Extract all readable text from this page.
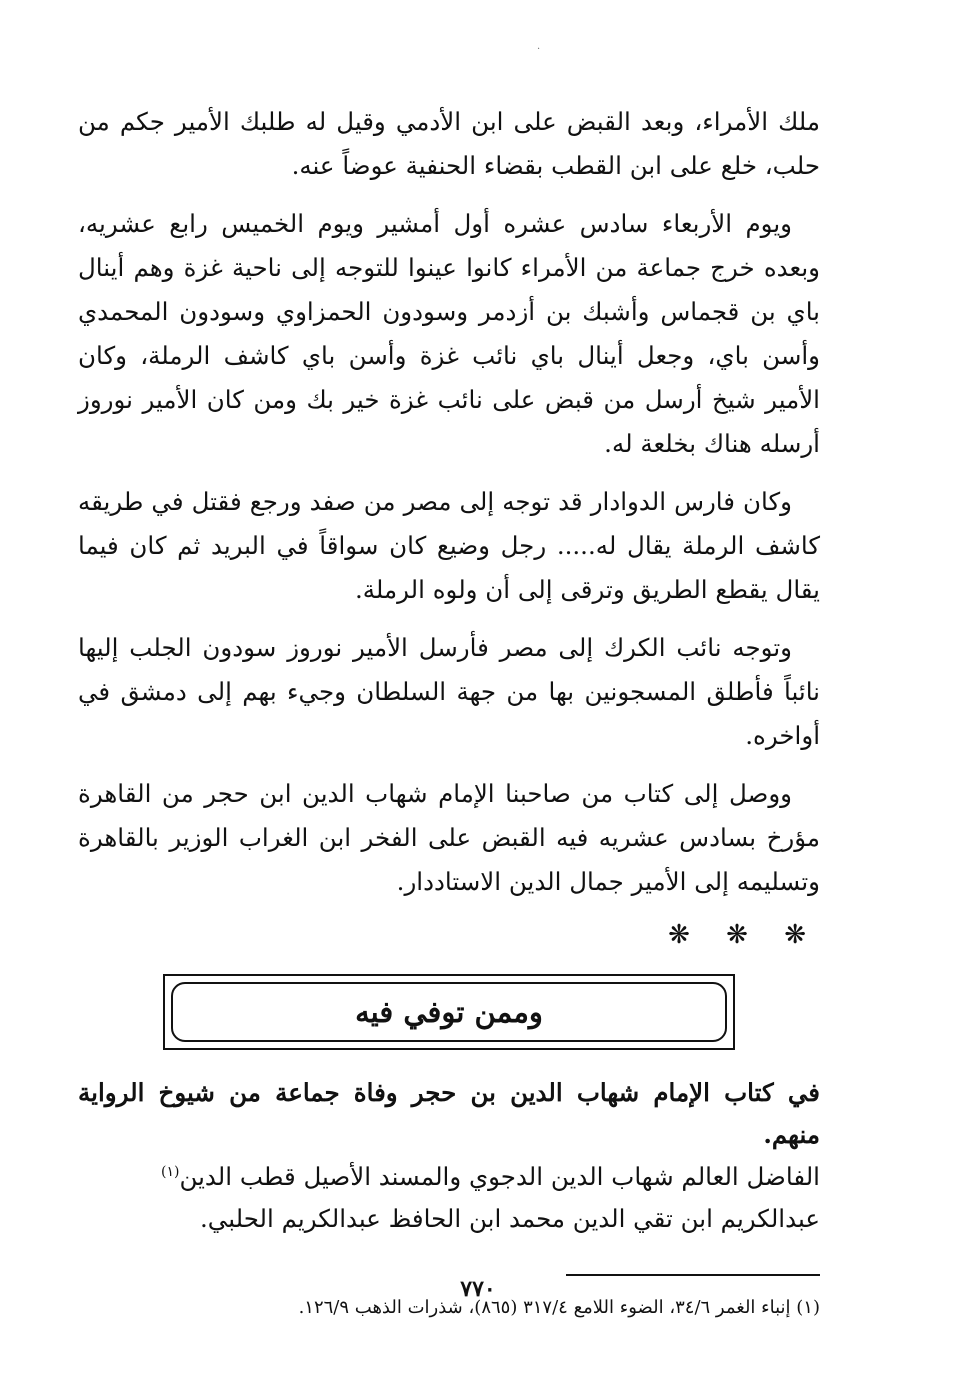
·

ملك الأمراء، وبعد القبض على ابن الأدمي وقيل له طلبك الأمير جكم من حلب، خلع على ابن القطب بقضاء الحنفية عوضاً عنه.

ويوم الأربعاء سادس عشره أول أمشير ويوم الخميس رابع عشريه، وبعده خرج جماعة من الأمراء كانوا عينوا للتوجه إلى ناحية غزة وهم أينال باي بن قجماس وأشبك بن أزدمر وسودون الحمزاوي وسودون المحمدي وأسن باي، وجعل أينال باي نائب غزة وأسن باي كاشف الرملة، وكان الأمير شيخ أرسل من قبض على نائب غزة خير بك ومن كان الأمير نوروز أرسله هناك بخلعة له.

وكان فارس الدوادار قد توجه إلى مصر من صفد ورجع فقتل في طريقه كاشف الرملة يقال له..... رجل وضيع كان سواقاً في البريد ثم كان فيما يقال يقطع الطريق وترقى إلى أن ولوه الرملة.

وتوجه نائب الكرك إلى مصر فأرسل الأمير نوروز سودون الجلب إليها نائباً فأطلق المسجونين بها من جهة السلطان وجيء بهم إلى دمشق في أواخره.

ووصل إلى كتاب من صاحبنا الإمام شهاب الدين ابن حجر من القاهرة مؤرخ بسادس عشريه فيه القبض على الفخر ابن الغراب الوزير بالقاهرة وتسليمه إلى الأمير جمال الدين الاستاددار.

❋ ❋ ❋
وممن توفي فيه

في كتاب الإمام شهاب الدين بن حجر وفاة جماعة من شيوخ الرواية منهم.

الفاضل العالم شهاب الدين الدجوي والمسند الأصيل قطب الدين$^{(١)}$

عبدالكريم ابن تقي الدين محمد ابن الحافظ عبدالكريم الحلبي.

(١) إنباء الغمر ٣٤/٦، الضوء اللامع ٣١٧/٤ (٨٦٥)، شذرات الذهب ١٢٦/٩.

٧٧٠
